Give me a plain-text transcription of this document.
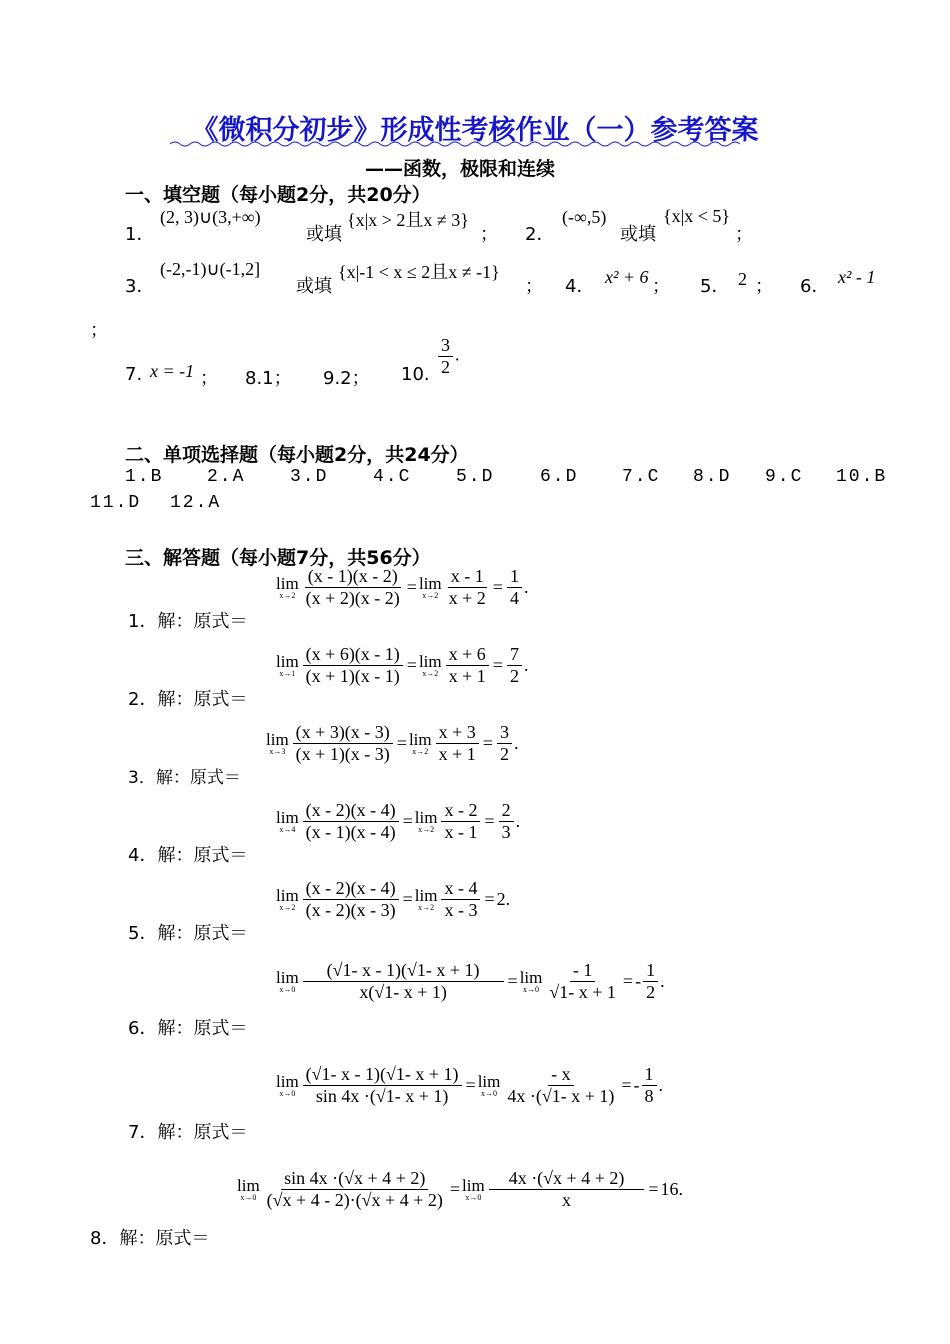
《微积分初步》形成性考核作业（一）参考答案
——函数，极限和连续
一、填空题（每小题2分，共20分）
1．
(2, 3)∪(3,+∞)
或填
{x|x > 2且x ≠ 3}
； 2．
(-∞,5)
或填
{x|x < 5}
；
3．
(-2,-1)∪(-1,2]
或填
{x|-1 < x ≤ 2且x ≠ -1}
； 4． x² + 6 ； 5． 2 ； 6． x² - 1
；
7. x = -1 ； 8.1； 9.2； 10. $\frac{3}{2}$ .
二、单项选择题（每小题2分，共24分）
1.B 2.A 3.D 4.C 5.D	6.D 7.C 8.D 9.C 10.B
11.D 12.A
三、解答题（每小题7分，共56分）
1．解：原式＝
lim
$x\to 2 \frac{(x - 1)(x - 2)}{(x + 2)(x - 2)} = \lim$
$x\to 2 \frac{x - 1}{x + 2} = \frac{1}{4}$ .
2．解：原式＝
lim
$x\to 1 \frac{(x + 6)(x - 1)}{(x + 1)(x - 1)} = \lim$
$x\to 2 \frac{x + 6}{x + 1} = \frac{7}{2}$ .
3．解：原式＝
lim
$x\to 3 \frac{(x + 3)(x - 3)}{(x + 1)(x - 3)} = \lim$
$x\to 2 \frac{x + 3}{x + 1} = \frac{3}{2}$ .
4．解：原式＝
lim
$x\to 4 \frac{(x - 2)(x - 4)}{(x - 1)(x - 4)} = \lim$
$x\to 2 \frac{x - 2}{x - 1} = \frac{2}{3}$ .
5．解：原式＝
lim
$x\to 2 \frac{(x - 2)(x - 4)}{(x - 2)(x - 3)} = \lim$
$x\to 2 \frac{x - 4}{x - 3} = 2$.
6．解：原式＝
lim
$x\to 0 \frac{(√1- x - 1)(√1- x + 1)}{x(√1- x + 1)} = \lim$
$x\to 0 \frac{- 1}{√1- x + 1}$ = - $\frac{1}{2}$ .
7．解：原式＝
lim
$x\to 0 \frac{(√1- x - 1)(√1- x + 1)}{\sin 4x \cdot(√1- x + 1)} = \lim$
$x\to 0 \frac{- x}{4x \cdot(√1- x + 1)}$ = - $\frac{1}{8}$ .
lim
$x\to 0 \frac{\sin 4x \cdot(√x + 4 + 2)}{(√x + 4 - 2)\cdot(√x + 4 + 2)} = \lim$
$x\to 0 \frac{4x \cdot(√x + 4 + 2)}{x} = 16$.
8．解：原式＝
